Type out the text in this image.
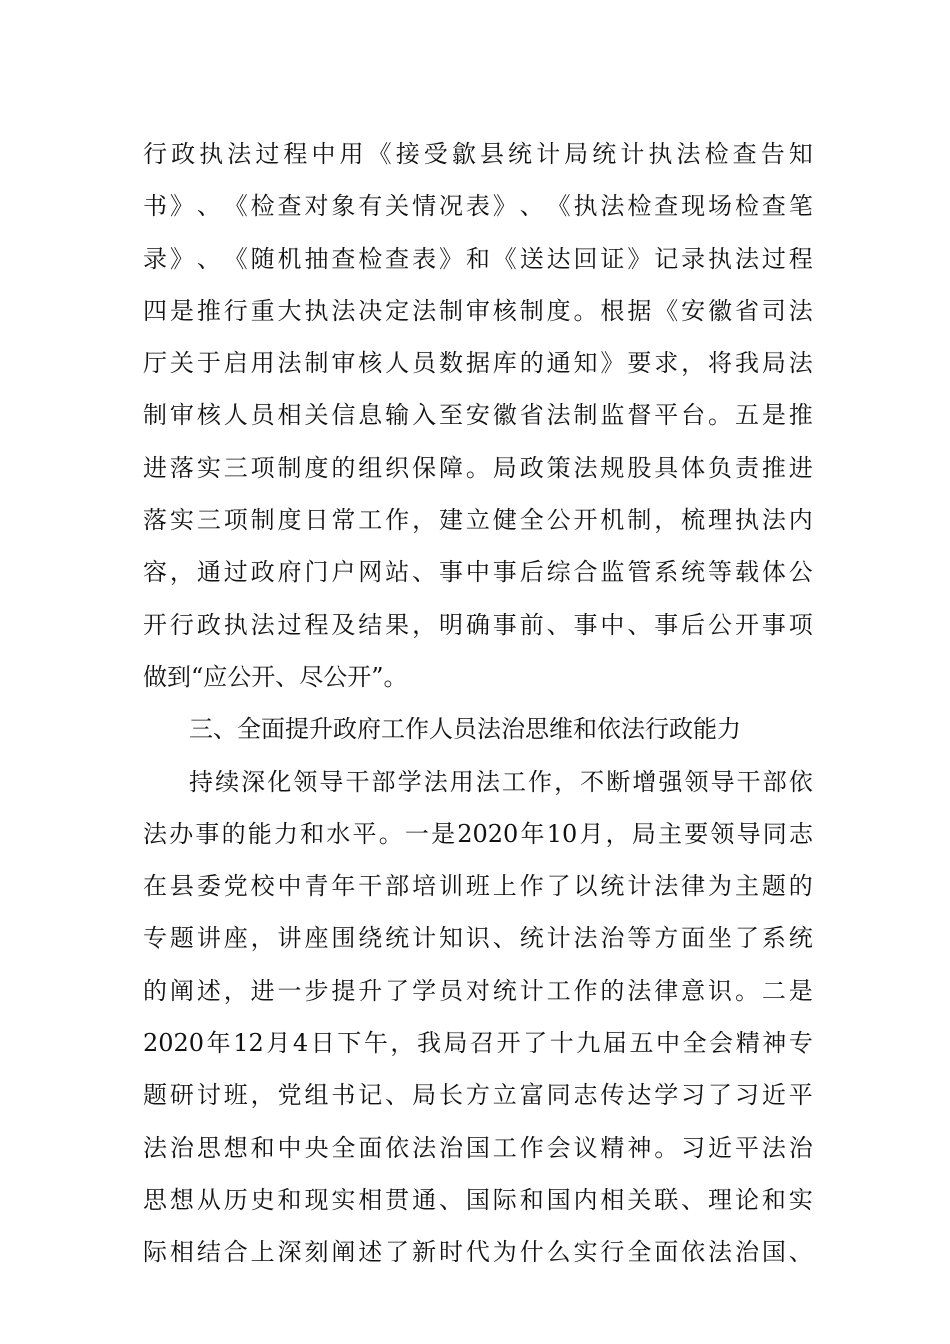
行 政 执 法 过 程 中 用 《 接 受 歙 县 统 计 局 统 计 执 法 检 查 告 知
书 》 、 《 检 查 对 象 有 关 情 况 表 》 、 《 执 法 检 查 现 场 检 查 笔
录 》 、 《 随 机 抽 查 检 查 表 》 和 《 送 达 回 证 》 记 录 执 法 过 程
四 是 推 行 重 大 执 法 决 定 法 制 审 核 制 度 。 根 据 《 安 徽 省 司 法
厅 关 于 启 用 法 制 审 核 人 员 数 据 库 的 通 知 》 要 求 ， 将 我 局 法
制 审 核 人 员 相 关 信 息 输 入 至 安 徽 省 法 制 监 督 平 台 。 五 是 推
进 落 实 三 项 制 度 的 组 织 保 障 。 局 政 策 法 规 股 具 体 负 责 推 进
落 实 三 项 制 度 日 常 工 作 ， 建 立 健 全 公 开 机 制 ， 梳 理 执 法 内
容 ， 通 过 政 府 门 户 网 站 、 事 中 事 后 综 合 监 管 系 统 等 载 体 公
开 行 政 执 法 过 程 及 结 果 ， 明 确 事 前 、 事 中 、 事 后 公 开 事 项
做到“应公开、尽公开”。
三、全面提升政府工作人员法治思维和依法行政能力
持 续 深 化 领 导 干 部 学 法 用 法 工 作 ， 不 断 增 强 领 导 干 部 依
法 办 事 的 能 力 和 水 平 。 一 是 2020 年 10 月 ， 局 主 要 领 导 同 志
在 县 委 党 校 中 青 年 干 部 培 训 班 上 作 了 以 统 计 法 律 为 主 题 的
专 题 讲 座 ， 讲 座 围 绕 统 计 知 识 、 统 计 法 治 等 方 面 坐 了 系 统
的 阐 述 ， 进 一 步 提 升 了 学 员 对 统 计 工 作 的 法 律 意 识 。 二 是
2020 年 12 月 4 日 下 午 ， 我 局 召 开 了 十 九 届 五 中 全 会 精 神 专
题 研 讨 班 ， 党 组 书 记 、 局 长 方 立 富 同 志 传 达 学 习 了 习 近 平
法 治 思 想 和 中 央 全 面 依 法 治 国 工 作 会 议 精 神 。 习 近 平 法 治
思 想 从 历 史 和 现 实 相 贯 通 、 国 际 和 国 内 相 关 联 、 理 论 和 实
际 相 结 合 上 深 刻 阐 述 了 新 时 代 为 什 么 实 行 全 面 依 法 治 国 、
